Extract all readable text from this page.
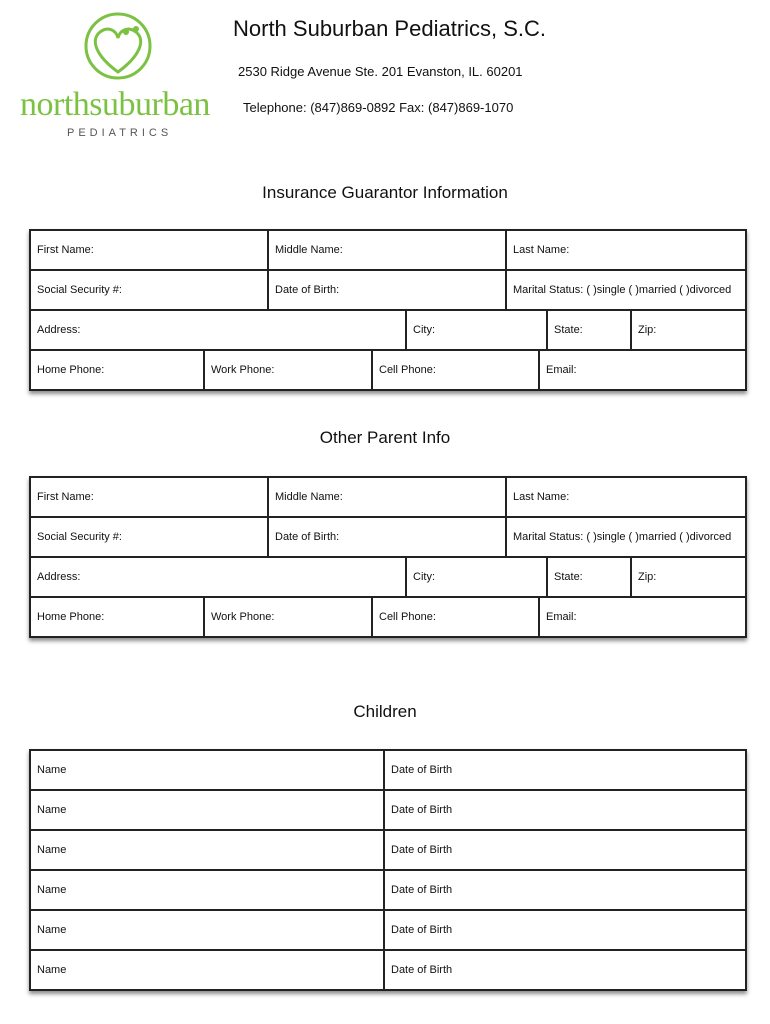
northsuburban
PEDIATRICS
North Suburban Pediatrics, S.C.
2530 Ridge Avenue Ste. 201 Evanston, IL. 60201
Telephone: (847)869-0892 Fax: (847)869-1070
Insurance Guarantor Information
First Name:	Middle Name:	Last Name:
Social Security #:	Date of Birth:	Marital Status: ( )single ( )married ( )divorced
Address:	City:	State:	Zip:
Home Phone:	Work Phone:	Cell Phone:	Email:
Other Parent Info
First Name:	Middle Name:	Last Name:
Social Security #:	Date of Birth:	Marital Status: ( )single ( )married ( )divorced
Address:	City:	State:	Zip:
Home Phone:	Work Phone:	Cell Phone:	Email:
Children
Name	Date of Birth
Name	Date of Birth
Name	Date of Birth
Name	Date of Birth
Name	Date of Birth
Name	Date of Birth
